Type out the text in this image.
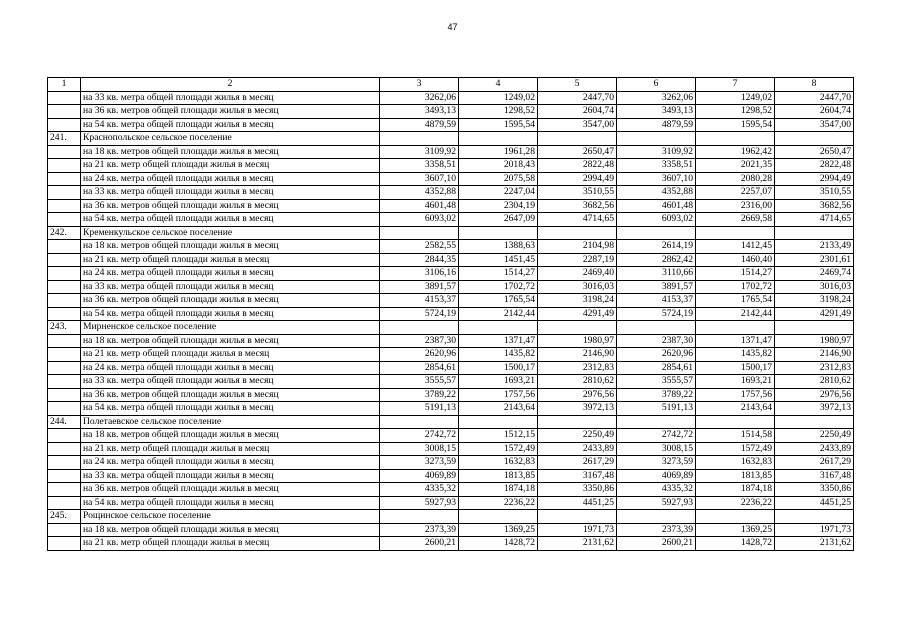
47
1	2	3	4	5	6	7	8
	на 33 кв. метра общей площади жилья в месяц	3262,06	1249,02	2447,70	3262,06	1249,02	2447,70
	на 36 кв. метров общей площади жилья в месяц	3493,13	1298,52	2604,74	3493,13	1298,52	2604,74
	на 54 кв. метра общей площади жилья в месяц	4879,59	1595,54	3547,00	4879,59	1595,54	3547,00
241.	Краснопольское сельское поселение						
	на 18 кв. метров общей площади жилья в месяц	3109,92	1961,28	2650,47	3109,92	1962,42	2650,47
	на 21 кв. метр общей площади жилья в месяц	3358,51	2018,43	2822,48	3358,51	2021,35	2822,48
	на 24 кв. метра общей площади жилья в месяц	3607,10	2075,58	2994,49	3607,10	2080,28	2994,49
	на 33 кв. метра общей площади жилья в месяц	4352,88	2247,04	3510,55	4352,88	2257,07	3510,55
	на 36 кв. метров общей площади жилья в месяц	4601,48	2304,19	3682,56	4601,48	2316,00	3682,56
	на 54 кв. метра общей площади жилья в месяц	6093,02	2647,09	4714,65	6093,02	2669,58	4714,65
242.	Кременкульское сельское поселение						
	на 18 кв. метров общей площади жилья в месяц	2582,55	1388,63	2104,98	2614,19	1412,45	2133,49
	на 21 кв. метр общей площади жилья в месяц	2844,35	1451,45	2287,19	2862,42	1460,40	2301,61
	на 24 кв. метра общей площади жилья в месяц	3106,16	1514,27	2469,40	3110,66	1514,27	2469,74
	на 33 кв. метра общей площади жилья в месяц	3891,57	1702,72	3016,03	3891,57	1702,72	3016,03
	на 36 кв. метров общей площади жилья в месяц	4153,37	1765,54	3198,24	4153,37	1765,54	3198,24
	на 54 кв. метра общей площади жилья в месяц	5724,19	2142,44	4291,49	5724,19	2142,44	4291,49
243.	Мирненское сельское поселение						
	на 18 кв. метров общей площади жилья в месяц	2387,30	1371,47	1980,97	2387,30	1371,47	1980,97
	на 21 кв. метр общей площади жилья в месяц	2620,96	1435,82	2146,90	2620,96	1435,82	2146,90
	на 24 кв. метра общей площади жилья в месяц	2854,61	1500,17	2312,83	2854,61	1500,17	2312,83
	на 33 кв. метра общей площади жилья в месяц	3555,57	1693,21	2810,62	3555,57	1693,21	2810,62
	на 36 кв. метров общей площади жилья в месяц	3789,22	1757,56	2976,56	3789,22	1757,56	2976,56
	на 54 кв. метра общей площади жилья в месяц	5191,13	2143,64	3972,13	5191,13	2143,64	3972,13
244.	Полетаевское сельское поселение						
	на 18 кв. метров общей площади жилья в месяц	2742,72	1512,15	2250,49	2742,72	1514,58	2250,49
	на 21 кв. метр общей площади жилья в месяц	3008,15	1572,49	2433,89	3008,15	1572,49	2433,89
	на 24 кв. метра общей площади жилья в месяц	3273,59	1632,83	2617,29	3273,59	1632,83	2617,29
	на 33 кв. метра общей площади жилья в месяц	4069,89	1813,85	3167,48	4069,89	1813,85	3167,48
	на 36 кв. метров общей площади жилья в месяц	4335,32	1874,18	3350,86	4335,32	1874,18	3350,86
	на 54 кв. метра общей площади жилья в месяц	5927,93	2236,22	4451,25	5927,93	2236,22	4451,25
245.	Рощинское сельское поселение						
	на 18 кв. метров общей площади жилья в месяц	2373,39	1369,25	1971,73	2373,39	1369,25	1971,73
	на 21 кв. метр общей площади жилья в месяц	2600,21	1428,72	2131,62	2600,21	1428,72	2131,62
